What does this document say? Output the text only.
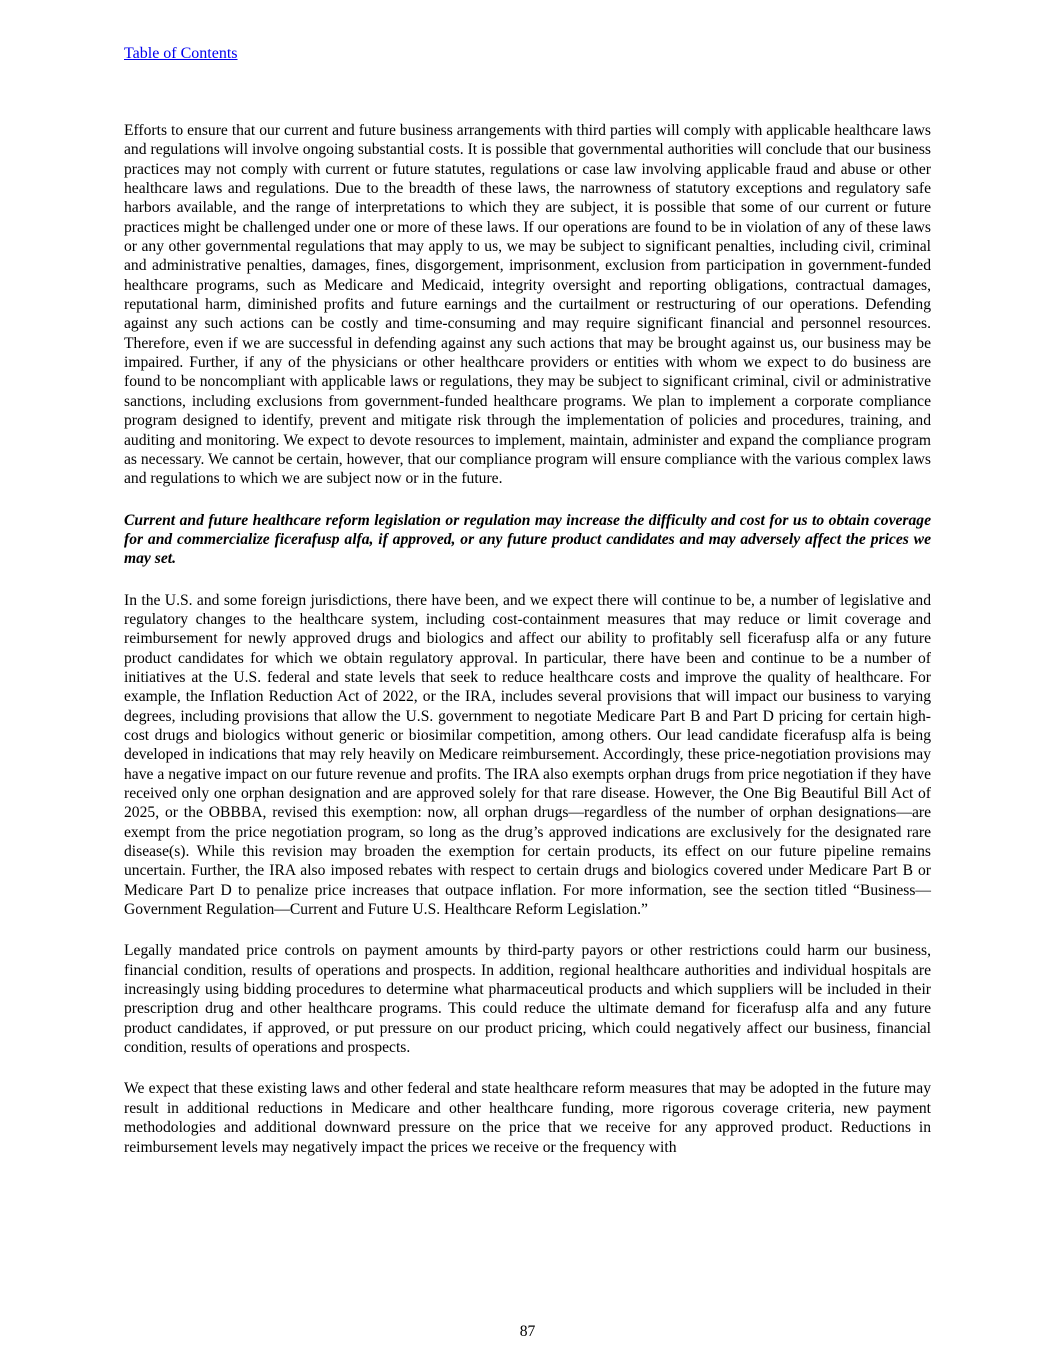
Table of Contents

Efforts to ensure that our current and future business arrangements with third parties will comply with applicable healthcare laws and regulations will involve ongoing substantial costs. It is possible that governmental authorities will conclude that our business practices may not comply with current or future statutes, regulations or case law involving applicable fraud and abuse or other healthcare laws and regulations. Due to the breadth of these laws, the narrowness of statutory exceptions and regulatory safe harbors available, and the range of interpretations to which they are subject, it is possible that some of our current or future practices might be challenged under one or more of these laws. If our operations are found to be in violation of any of these laws or any other governmental regulations that may apply to us, we may be subject to significant penalties, including civil, criminal and administrative penalties, damages, fines, disgorgement, imprisonment, exclusion from participation in government-funded healthcare programs, such as Medicare and Medicaid, integrity oversight and reporting obligations, contractual damages, reputational harm, diminished profits and future earnings and the curtailment or restructuring of our operations. Defending against any such actions can be costly and time-consuming and may require significant financial and personnel resources. Therefore, even if we are successful in defending against any such actions that may be brought against us, our business may be impaired. Further, if any of the physicians or other healthcare providers or entities with whom we expect to do business are found to be noncompliant with applicable laws or regulations, they may be subject to significant criminal, civil or administrative sanctions, including exclusions from government-funded healthcare programs. We plan to implement a corporate compliance program designed to identify, prevent and mitigate risk through the implementation of policies and procedures, training, and auditing and monitoring. We expect to devote resources to implement, maintain, administer and expand the compliance program as necessary. We cannot be certain, however, that our compliance program will ensure compliance with the various complex laws and regulations to which we are subject now or in the future.

Current and future healthcare reform legislation or regulation may increase the difficulty and cost for us to obtain coverage for and commercialize ficerafusp alfa, if approved, or any future product candidates and may adversely affect the prices we may set.

In the U.S. and some foreign jurisdictions, there have been, and we expect there will continue to be, a number of legislative and regulatory changes to the healthcare system, including cost-containment measures that may reduce or limit coverage and reimbursement for newly approved drugs and biologics and affect our ability to profitably sell ficerafusp alfa or any future product candidates for which we obtain regulatory approval. In particular, there have been and continue to be a number of initiatives at the U.S. federal and state levels that seek to reduce healthcare costs and improve the quality of healthcare. For example, the Inflation Reduction Act of 2022, or the IRA, includes several provisions that will impact our business to varying degrees, including provisions that allow the U.S. government to negotiate Medicare Part B and Part D pricing for certain high-cost drugs and biologics without generic or biosimilar competition, among others. Our lead candidate ficerafusp alfa is being developed in indications that may rely heavily on Medicare reimbursement. Accordingly, these price-negotiation provisions may have a negative impact on our future revenue and profits. The IRA also exempts orphan drugs from price negotiation if they have received only one orphan designation and are approved solely for that rare disease. However, the One Big Beautiful Bill Act of 2025, or the OBBBA, revised this exemption: now, all orphan drugs—regardless of the number of orphan designations—are exempt from the price negotiation program, so long as the drug’s approved indications are exclusively for the designated rare disease(s). While this revision may broaden the exemption for certain products, its effect on our future pipeline remains uncertain. Further, the IRA also imposed rebates with respect to certain drugs and biologics covered under Medicare Part B or Medicare Part D to penalize price increases that outpace inflation. For more information, see the section titled “Business—Government Regulation—Current and Future U.S. Healthcare Reform Legislation.”

Legally mandated price controls on payment amounts by third-party payors or other restrictions could harm our business, financial condition, results of operations and prospects. In addition, regional healthcare authorities and individual hospitals are increasingly using bidding procedures to determine what pharmaceutical products and which suppliers will be included in their prescription drug and other healthcare programs. This could reduce the ultimate demand for ficerafusp alfa and any future product candidates, if approved, or put pressure on our product pricing, which could negatively affect our business, financial condition, results of operations and prospects.

We expect that these existing laws and other federal and state healthcare reform measures that may be adopted in the future may result in additional reductions in Medicare and other healthcare funding, more rigorous coverage criteria, new payment methodologies and additional downward pressure on the price that we receive for any approved product. Reductions in reimbursement levels may negatively impact the prices we receive or the frequency with

87
